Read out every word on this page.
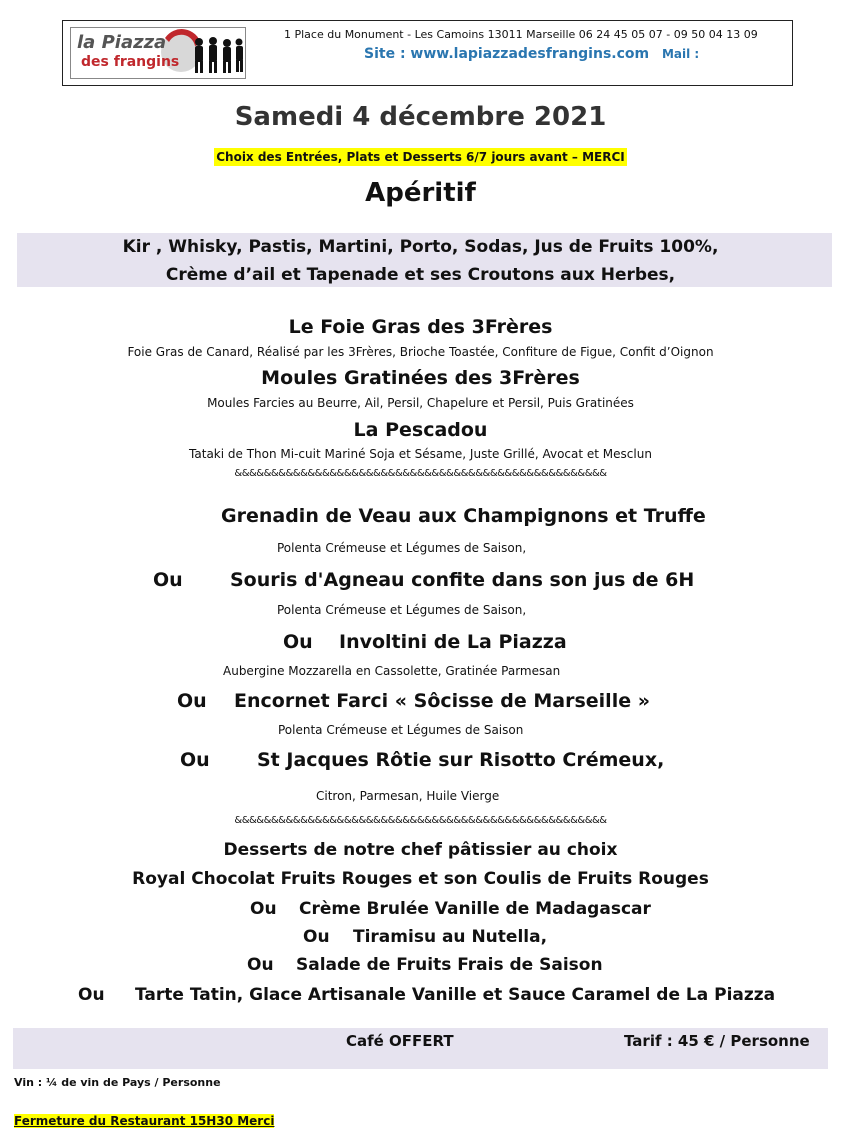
la Piazza
des frangins
1 Place du Monument - Les Camoins 13011 Marseille 06 24 45 05 07 - 09 50 04 13 09
Site : www.lapiazzadesfrangins.com Mail :
Samedi 4 décembre 2021
Choix des Entrées, Plats et Desserts 6/7 jours avant – MERCI
Apéritif
Kir , Whisky, Pastis, Martini, Porto, Sodas, Jus de Fruits 100%,
Crème d’ail et Tapenade et ses Croutons aux Herbes,
Le Foie Gras des 3Frères
Foie Gras de Canard, Réalisé par les 3Frères, Brioche Toastée, Confiture de Figue, Confit d’Oignon
Moules Gratinées des 3Frères
Moules Farcies au Beurre, Ail, Persil, Chapelure et Persil, Puis Gratinées
La Pescadou
Tataki de Thon Mi-cuit Mariné Soja et Sésame, Juste Grillé, Avocat et Mesclun
&&&&&&&&&&&&&&&&&&&&&&&&&&&&&&&&&&&&&&&&&&&&&&&&&&&
Grenadin de Veau aux Champignons et Truffe
Polenta Crémeuse et Légumes de Saison,
Ou Souris d'Agneau confite dans son jus de 6H
Polenta Crémeuse et Légumes de Saison,
Ou Involtini de La Piazza
Aubergine Mozzarella en Cassolette, Gratinée Parmesan
Ou Encornet Farci « Sôcisse de Marseille »
Polenta Crémeuse et Légumes de Saison
Ou St Jacques Rôtie sur Risotto Crémeux,
Citron, Parmesan, Huile Vierge
&&&&&&&&&&&&&&&&&&&&&&&&&&&&&&&&&&&&&&&&&&&&&&&&&&&
Desserts de notre chef pâtissier au choix
Royal Chocolat Fruits Rouges et son Coulis de Fruits Rouges
Ou Crème Brulée Vanille de Madagascar
Ou Tiramisu au Nutella,
Ou Salade de Fruits Frais de Saison
Ou Tarte Tatin, Glace Artisanale Vanille et Sauce Caramel de La Piazza
Café OFFERT	Tarif : 45 € / Personne
Vin : ¼ de vin de Pays / Personne
Fermeture du Restaurant 15H30 Merci
